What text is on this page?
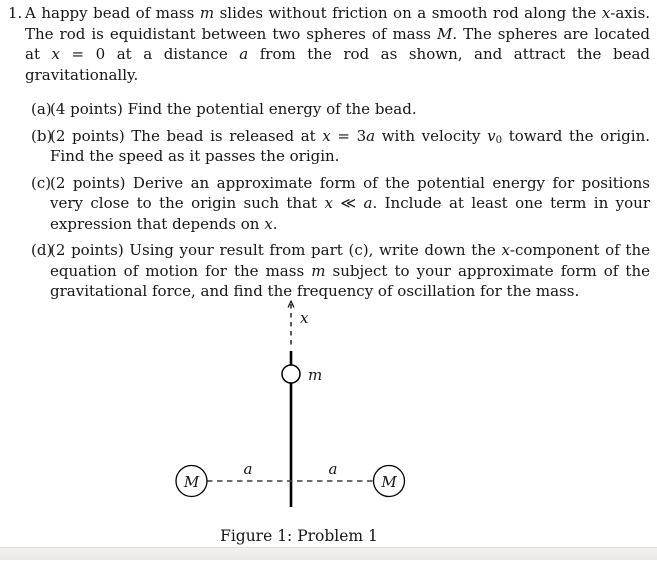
1. A happy bead of mass m slides without friction on a smooth rod along the x-axis. The rod is equidistant between two spheres of mass M. The spheres are located at x = 0 at a distance a from the rod as shown, and attract the bead gravitationally.
(a)
(4 points) Find the potential energy of the bead.
(b)
(2 points) The bead is released at x = 3a with velocity $v_0$ toward the origin. Find the speed as it passes the origin.
(c)
(2 points) Derive an approximate form of the potential energy for positions very close to the origin such that x ≪ a. Include at least one term in your expression that depends on x.
(d)
(2 points) Using your result from part (c), write down the x-component of the equation of motion for the mass m subject to your approximate form of the gravitational force, and find the frequency of oscillation for the mass.
x
m
a	a
M	M
Figure 1: Problem 1
